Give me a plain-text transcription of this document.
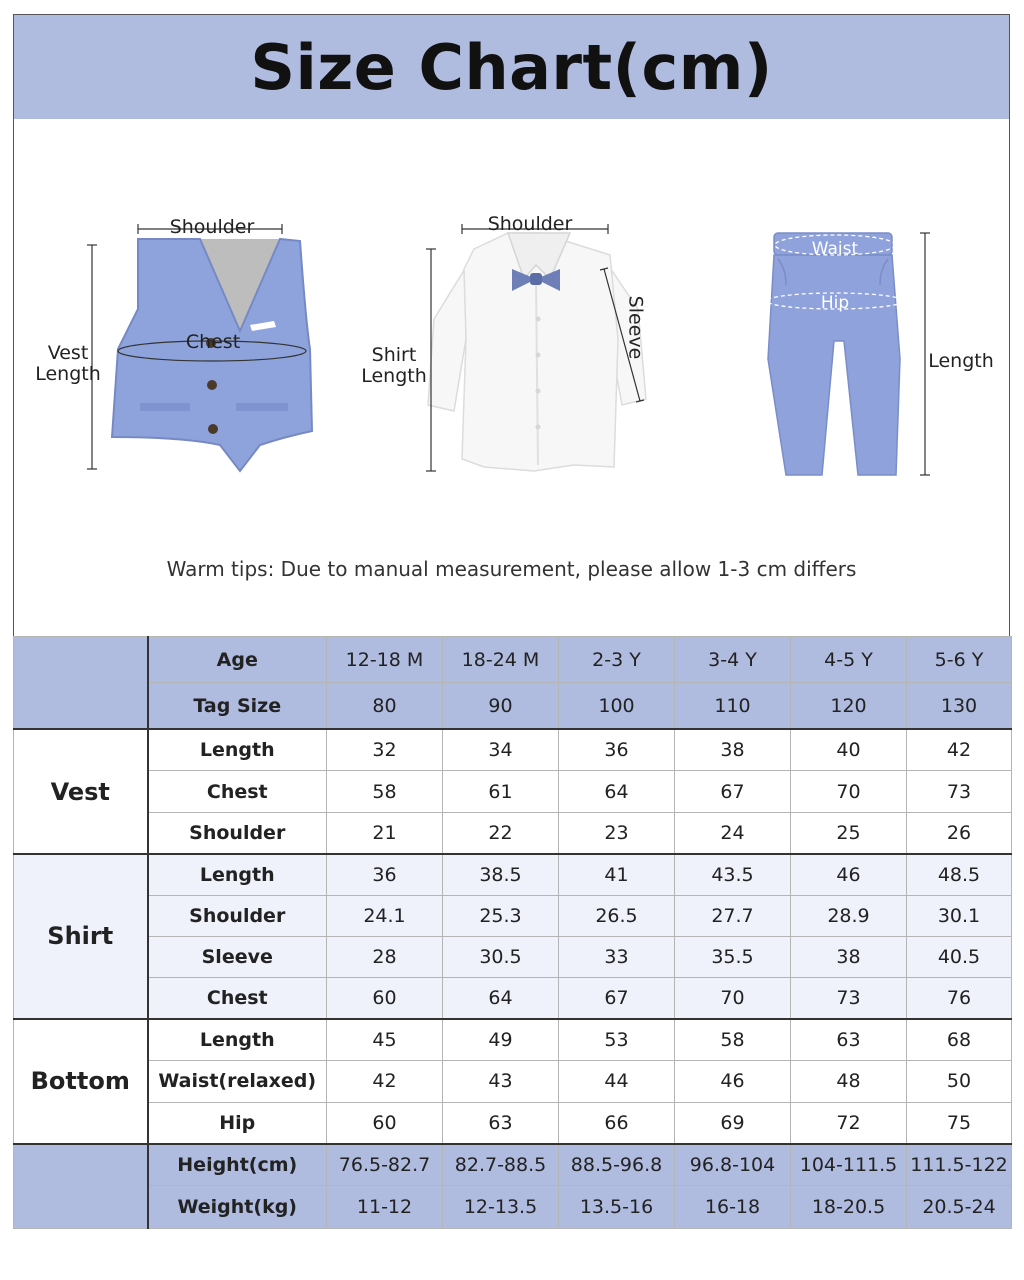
Size Chart(cm)
Shoulder
Chest
Vest
Length
Shoulder
Sleeve
Shirt
Length
Waist
Hip
Length
Warm tips: Due to manual measurement, please allow 1-3 cm differs
	Age	12-18 M	18-24 M	2-3 Y	3-4 Y	4-5 Y	5-6 Y
	Tag Size	80	90	100	110	120	130
Vest	Length	32	34	36	38	40	42
	Chest	58	61	64	67	70	73
	Shoulder	21	22	23	24	25	26
Shirt	Length	36	38.5	41	43.5	46	48.5
	Shoulder	24.1	25.3	26.5	27.7	28.9	30.1
	Sleeve	28	30.5	33	35.5	38	40.5
	Chest	60	64	67	70	73	76
Bottom	Length	45	49	53	58	63	68
	Waist(relaxed)	42	43	44	46	48	50
	Hip	60	63	66	69	72	75
	Height(cm)	76.5-82.7	82.7-88.5	88.5-96.8	96.8-104	104-111.5	111.5-122
	Weight(kg)	11-12	12-13.5	13.5-16	16-18	18-20.5	20.5-24
